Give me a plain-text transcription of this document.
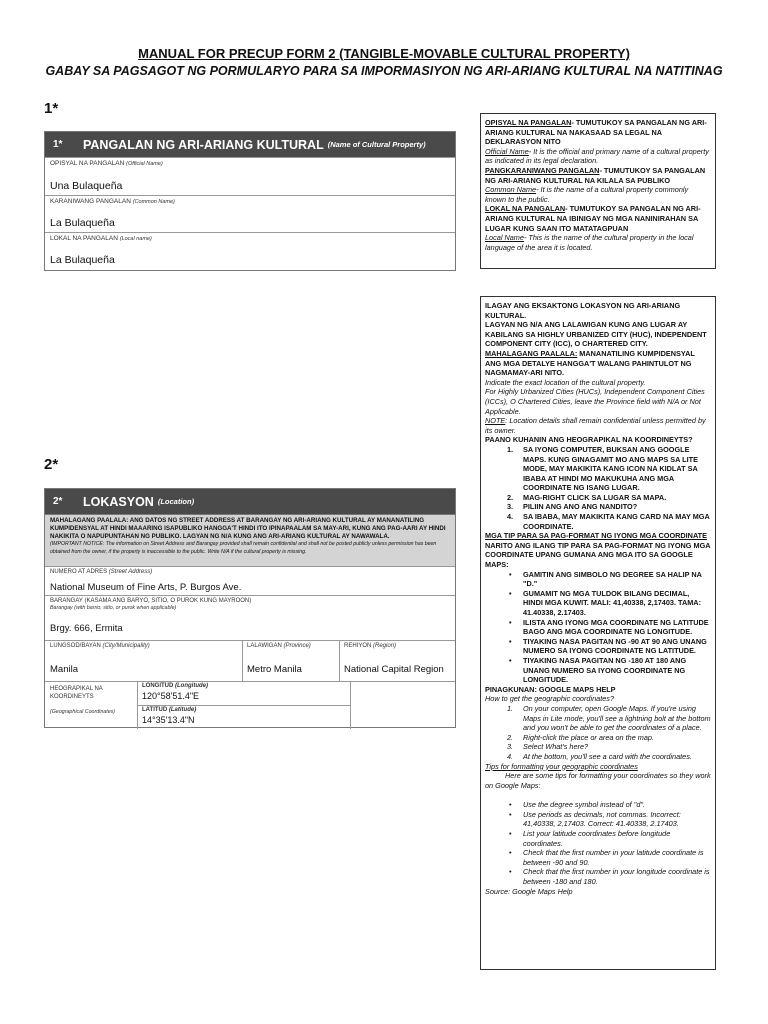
MANUAL FOR PRECUP FORM 2 (TANGIBLE-MOVABLE CULTURAL PROPERTY)
GABAY SA PAGSAGOT NG PORMULARYO PARA SA IMPORMASIYON NG ARI-ARIANG KULTURAL NA NATITINAG
1*
1*	PANGALAN NG ARI-ARIANG KULTURAL (Name of Cultural Property)
OPISYAL NA PANGALAN (Official Name)
Una Bulaqueña
KARANIWANG PANGALAN (Common Name)
La Bulaqueña
LOKAL NA PANGALAN (Local name)
La Bulaqueña
OPISYAL NA PANGALAN- TUMUTUKOY SA PANGALAN NG ARI-ARIANG KULTURAL NA NAKASAAD SA LEGAL NA DEKLARASYON NITO
Official Name- It is the official and primary name of a cultural property as indicated in its legal declaration.
PANGKARANIWANG PANGALAN- TUMUTUKOY SA PANGALAN NG ARI-ARIANG KULTURAL NA KILALA SA PUBLIKO
Common Name- It is the name of a cultural property commonly known to the public.
LOKAL NA PANGALAN- TUMUTUKOY SA PANGALAN NG ARI-ARIANG KULTURAL NA IBINIGAY NG MGA NANINIRAHAN SA LUGAR KUNG SAAN ITO MATATAGPUAN
Local Name- This is the name of the cultural property in the local language of the area it is located.
2*
2*	LOKASYON (Location)
MAHALAGANG PAALALA: ANG DATOS NG STREET ADDRESS AT BARANGAY NG ARI-ARIANG KULTURAL AY MANANATILING KUMPIDENSYAL AT HINDI MAAARING ISAPUBLIKO HANGGA'T HINDI ITO IPINAPAALAM SA MAY-ARI, KUNG ANG PAG-AARI AY HINDI NAKIKITA O NAPUPUNTAHAN NG PUBLIKO. LAGYAN NG N/A KUNG ANG ARI-ARIANG KULTURAL AY NAWAWALA.
(IMPORTANT NOTICE: The information on Street Address and Barangay provided shall remain confidential and shall not be posted publicly unless permission has been obtained from the owner, if the property is inaccessible to the public. Write N/A if the cultural property is missing.
NUMERO AT ADRES (Street Address)
National Museum of Fine Arts, P. Burgos Ave.
BARANGAY (KASAMA ANG BARYO, SITIO, O PUROK KUNG MAYROON)
Barangay (with barrio, sitio, or purok when applicable)
Brgy. 666, Ermita
LUNGSOD/BAYAN (City/Municipality)
Manila
LALAWIGAN (Province)
Metro Manila
REHIYON (Region)
National Capital Region
HEOGRAPIKAL NA KOORDINEYTS
(Geographical Coordinates)
LONGITUD (Longitude)
120°58'51.4"E
LATITUD (Latitude)
14°35'13.4"N
ILAGAY ANG EKSAKTONG LOKASYON NG ARI-ARIANG KULTURAL.
LAGYAN NG N/A ANG LALAWIGAN KUNG ANG LUGAR AY KABILANG SA HIGHLY URBANIZED CITY (HUC), INDEPENDENT COMPONENT CITY (ICC), O CHARTERED CITY.
MAHALAGANG PAALALA: MANANATILING KUMPIDENSYAL ANG MGA DETALYE HANGGA'T WALANG PAHINTULOT NG NAGMAMAY-ARI NITO.
Indicate the exact location of the cultural property.
For Highly Urbanized Cities (HUCs), Independent Component Cities (ICCs), O Chartered Cities, leave the Province field with N/A or Not Applicable.
NOTE: Location details shall remain confidential unless permitted by its owner.
PAANO KUHANIN ANG HEOGRAPIKAL NA KOORDINEYTS?
1. SA IYONG COMPUTER, BUKSAN ANG GOOGLE MAPS. KUNG GINAGAMIT MO ANG MAPS SA LITE MODE, MAY MAKIKITA KANG ICON NA KIDLAT SA IBABA AT HINDI MO MAKUKUHA ANG MGA COORDINATE NG ISANG LUGAR.
2. MAG-RIGHT CLICK SA LUGAR SA MAPA.
3. PILIIN ANG ANO ANG NANDITO?
4. SA IBABA, MAY MAKIKITA KANG CARD NA MAY MGA COORDINATE.
MGA TIP PARA SA PAG-FORMAT NG IYONG MGA COORDINATE
NARITO ANG ILANG TIP PARA SA PAG-FORMAT NG IYONG MGA COORDINATE UPANG GUMANA ANG MGA ITO SA GOOGLE MAPS:
• GAMITIN ANG SIMBOLO NG DEGREE SA HALIP NA "D."
• GUMAMIT NG MGA TULDOK BILANG DECIMAL, HINDI MGA KUWIT. MALI: 41,40338, 2,17403. TAMA: 41.40338, 2.17403.
• ILISTA ANG IYONG MGA COORDINATE NG LATITUDE BAGO ANG MGA COORDINATE NG LONGITUDE.
• TIYAKING NASA PAGITAN NG -90 AT 90 ANG UNANG NUMERO SA IYONG COORDINATE NG LATITUDE.
• TIYAKING NASA PAGITAN NG -180 AT 180 ANG UNANG NUMERO SA IYONG COORDINATE NG LONGITUDE.
PINAGKUNAN: GOOGLE MAPS HELP
How to get the geographic coordinates?
1. On your computer, open Google Maps. If you're using Maps in Lite mode, you'll see a lightning bolt at the bottom and you won't be able to get the coordinates of a place.
2. Right-click the place or area on the map.
3. Select What's here?
4. At the bottom, you'll see a card with the coordinates.
Tips for formatting your geographic coordinates
Here are some tips for formatting your coordinates so they work on Google Maps:
• Use the degree symbol instead of "d".
• Use periods as decimals, not commas. Incorrect: 41,40338, 2,17403. Correct: 41.40338, 2.17403.
• List your latitude coordinates before longitude coordinates.
• Check that the first number in your latitude coordinate is between -90 and 90.
• Check that the first number in your longitude coordinate is between -180 and 180.
Source: Google Maps Help
